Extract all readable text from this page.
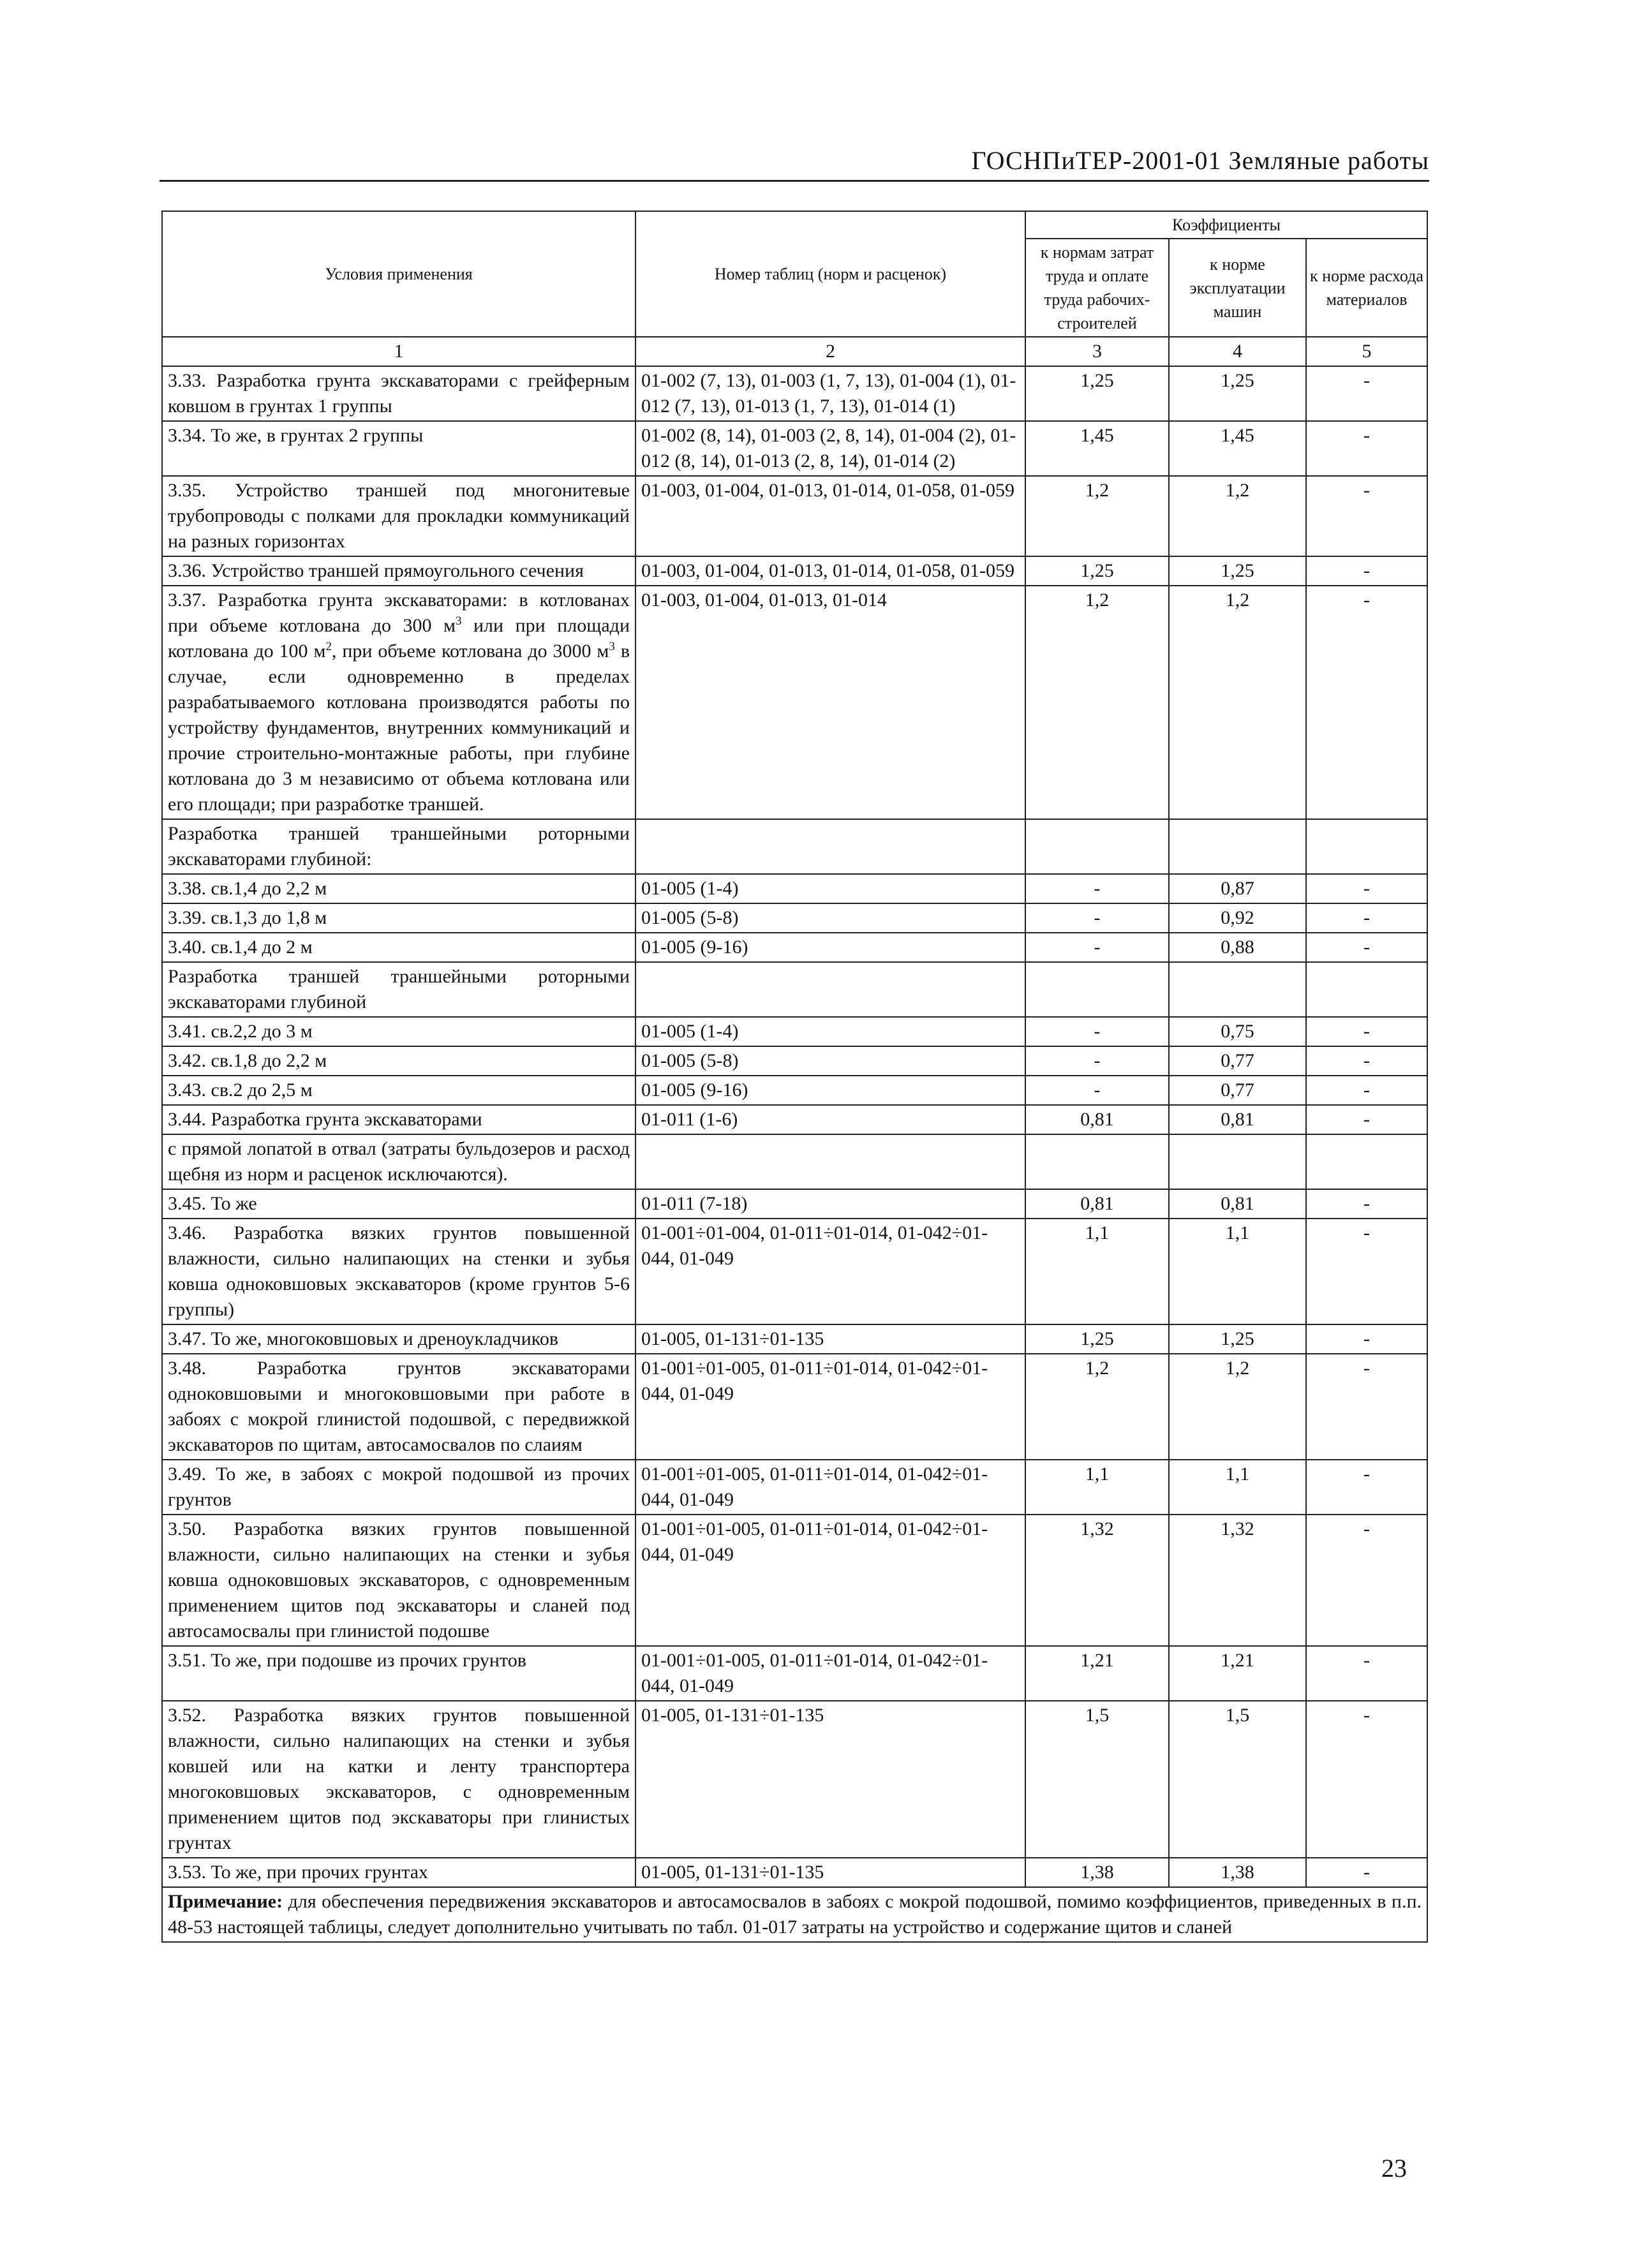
ГОСНПиТЕР-2001-01 Земляные работы
Условия применения	Номер таблиц (норм и расценок)	Коэффициенты		
		к нормам затрат труда и оплате труда рабочих-строителей	к норме эксплуатации машин	к норме расхода материалов
1	2	3	4	5
3.33. Разработка грунта экскаваторами с грейферным ковшом в грунтах 1 группы	01-002 (7, 13), 01-003 (1, 7, 13), 01-004 (1), 01-012 (7, 13), 01-013 (1, 7, 13), 01-014 (1)	1,25	1,25	-
3.34. То же, в грунтах 2 группы	01-002 (8, 14), 01-003 (2, 8, 14), 01-004 (2), 01-012 (8, 14), 01-013 (2, 8, 14), 01-014 (2)	1,45	1,45	-
3.35. Устройство траншей под многонитевые трубопроводы с полками для прокладки коммуникаций на разных горизонтах	01-003, 01-004, 01-013, 01-014, 01-058, 01-059	1,2	1,2	-
3.36. Устройство траншей прямоугольного сечения	01-003, 01-004, 01-013, 01-014, 01-058, 01-059	1,25	1,25	-
3.37. Разработка грунта экскаваторами: в котлованах при объеме котлована до 300 $м^3$ или при площади котлована до 100 $м^2$, при объеме котлована до 3000 $м^3$ в случае, если одновременно в пределах разрабатываемого котлована производятся работы по устройству фундаментов, внутренних коммуникаций и прочие строительно-монтажные работы, при глубине котлована до 3 м независимо от объема котлована или его площади; при разработке траншей.	01-003, 01-004, 01-013, 01-014	1,2	1,2	-
Разработка траншей траншейными роторными экскаваторами глубиной:				
3.38. св.1,4 до 2,2 м	01-005 (1-4)	-	0,87	-
3.39. св.1,3 до 1,8 м	01-005 (5-8)	-	0,92	-
3.40. св.1,4 до 2 м	01-005 (9-16)	-	0,88	-
Разработка траншей траншейными роторными экскаваторами глубиной				
3.41. св.2,2 до 3 м	01-005 (1-4)	-	0,75	-
3.42. св.1,8 до 2,2 м	01-005 (5-8)	-	0,77	-
3.43. св.2 до 2,5 м	01-005 (9-16)	-	0,77	-
3.44. Разработка грунта экскаваторами	01-011 (1-6)	0,81	0,81	-
с прямой лопатой в отвал (затраты бульдозеров и расход щебня из норм и расценок исключаются).				
3.45. То же	01-011 (7-18)	0,81	0,81	-
3.46. Разработка вязких грунтов повышенной влажности, сильно налипающих на стенки и зубья ковша одноковшовых экскаваторов (кроме грунтов 5-6 группы)	01-001÷01-004, 01-011÷01-014, 01-042÷01-044, 01-049	1,1	1,1	-
3.47. То же, многоковшовых и дреноукладчиков	01-005, 01-131÷01-135	1,25	1,25	-
3.48. Разработка грунтов экскаваторами одноковшовыми и многоковшовыми при работе в забоях с мокрой глинистой подошвой, с передвижкой экскаваторов по щитам, автосамосвалов по слаиям	01-001÷01-005, 01-011÷01-014, 01-042÷01-044, 01-049	1,2	1,2	-
3.49. То же, в забоях с мокрой подошвой из прочих грунтов	01-001÷01-005, 01-011÷01-014, 01-042÷01-044, 01-049	1,1	1,1	-
3.50. Разработка вязких грунтов повышенной влажности, сильно налипающих на стенки и зубья ковша одноковшовых экскаваторов, с одновременным применением щитов под экскаваторы и сланей под автосамосвалы при глинистой подошве	01-001÷01-005, 01-011÷01-014, 01-042÷01-044, 01-049	1,32	1,32	-
3.51. То же, при подошве из прочих грунтов	01-001÷01-005, 01-011÷01-014, 01-042÷01-044, 01-049	1,21	1,21	-
3.52. Разработка вязких грунтов повышенной влажности, сильно налипающих на стенки и зубья ковшей или на катки и ленту транспортера многоковшовых экскаваторов, с одновременным применением щитов под экскаваторы при глинистых грунтах	01-005, 01-131÷01-135	1,5	1,5	-
3.53. То же, при прочих грунтах	01-005, 01-131÷01-135	1,38	1,38	-
Примечание: для обеспечения передвижения экскаваторов и автосамосвалов в забоях с мокрой подошвой, помимо коэффициентов, приведенных в п.п. 48-53 настоящей таблицы, следует дополнительно учитывать по табл. 01-017 затраты на устройство и содержание щитов и сланей				
23
